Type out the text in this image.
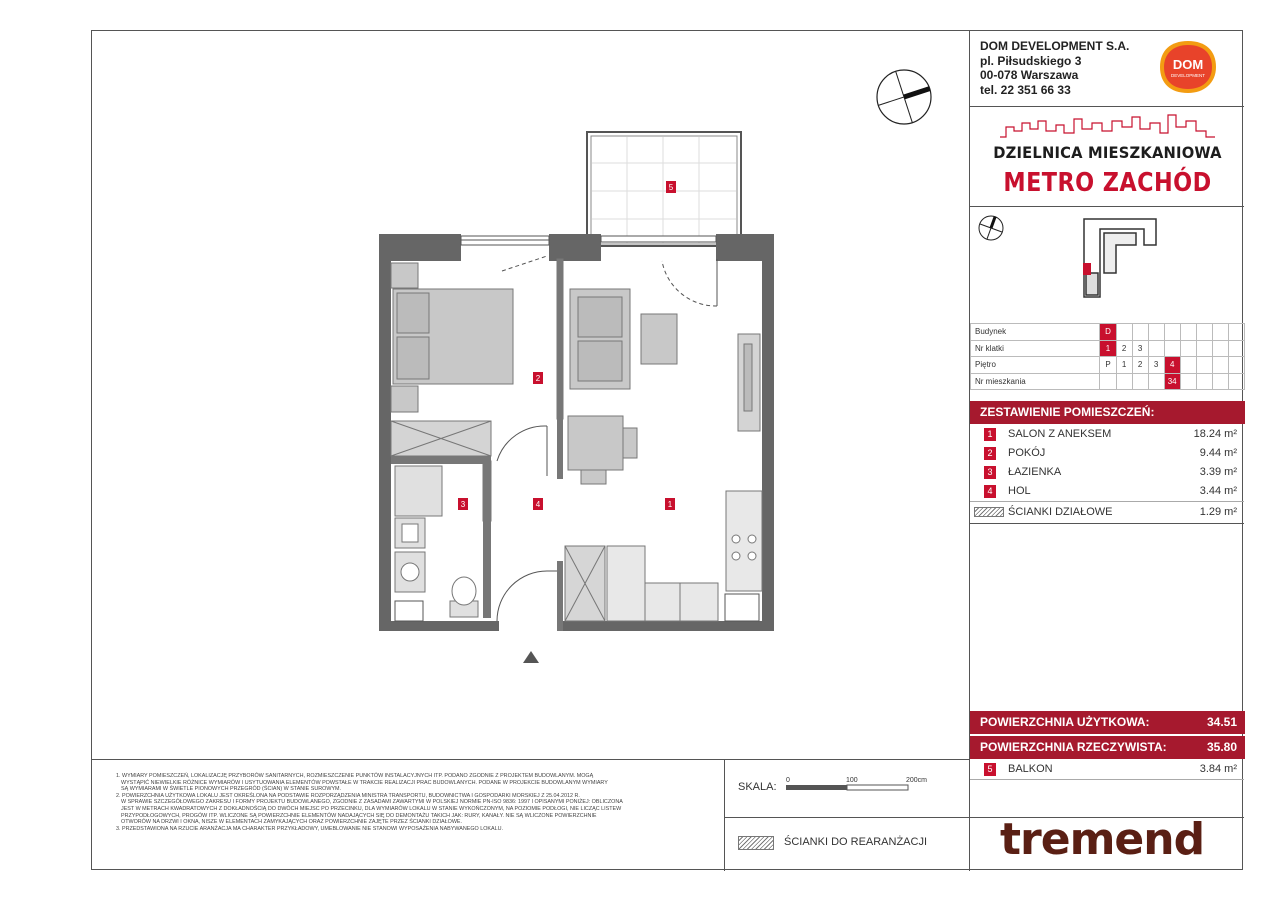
5
2
3	4	1
1. WYMIARY POMIESZCZEŃ, LOKALIZACJĘ PRZYBORÓW SANITARNYCH, ROZMIESZCZENIE PUNKTÓW INSTALACYJNYCH ITP. PODANO ZGODNIE Z PROJEKTEM BUDOWLANYM. MOGĄ
WYSTĄPIĆ NIEWIELKIE RÓŻNICE WYMIARÓW I USYTUOWANIA ELEMENTÓW POWSTAŁE W TRAKCIE REALIZACJI PRAC BUDOWLANYCH. PODANE W PROJEKCIE BUDOWLANYM WYMIARY
SĄ WYMIARAMI W ŚWIETLE PIONOWYCH PRZEGRÓD (ŚCIAN) W STANIE SUROWYM.
2. POWIERZCHNIA UŻYTKOWA LOKALU JEST OKREŚLONA NA PODSTAWIE ROZPORZĄDZENIA MINISTRA TRANSPORTU, BUDOWNICTWA I GOSPODARKI MORSKIEJ Z 25.04.2012 R.
W SPRAWIE SZCZEGÓŁOWEGO ZAKRESU I FORMY PROJEKTU BUDOWLANEGO, ZGODNIE Z ZASADAMI ZAWARTYMI W POLSKIEJ NORMIE PN-ISO 9836: 1997 I OPISANYMI PONIŻEJ: OBLICZONA
JEST W METRACH KWADRATOWYCH Z DOKŁADNOŚCIĄ DO DWÓCH MIEJSC PO PRZECINKU, DLA WYMIARÓW LOKALU W STANIE WYKOŃCZONYM, NA POZIOMIE PODŁOGI, NIE LICZĄC LISTEW
PRZYPODŁOGOWYCH, PROGÓW ITP. WLICZONE SĄ POWIERZCHNIE ELEMENTÓW NADAJĄCYCH SIĘ DO DEMONTAŻU TAKICH JAK: RURY, KANAŁY. NIE SĄ WLICZONE POWIERZCHNIE
OTWORÓW NA DRZWI I OKNA, NISZE W ELEMENTACH ZAMYKAJĄCYCH ORAZ POWIERZCHNIE ZAJĘTE PRZEZ ŚCIANKI DZIAŁOWE.
3. PRZEDSTAWIONA NA RZUCIE ARANŻACJA MA CHARAKTER PRZYKŁADOWY, UMEBLOWANIE NIE STANOWI WYPOSAŻENIA NABYWANEGO LOKALU.
SKALA:
0	100	200cm
ŚCIANKI DO REARANŻACJI
DOM DEVELOPMENT S.A.
pl. Piłsudskiego 3
00-078 Warszawa
tel. 22 351 66 33
DOM
DEVELOPMENT
DZIELNICA MIESZKANIOWA
METRO ZACHÓD
Budynek	D								
Nr klatki	1	2	3						
Piętro	P	1	2	3	4				
Nr mieszkania					34				
ZESTAWIENIE POMIESZCZEŃ:
1	SALON Z ANEKSEM	18.24 m²
2	POKÓJ	9.44 m²
3	ŁAZIENKA	3.39 m²
4	HOL	3.44 m²
ŚCIANKI DZIAŁOWE	1.29 m²
POWIERZCHNIA UŻYTKOWA:	34.51
POWIERZCHNIA RZECZYWISTA:	35.80
5	BALKON	3.84 m²
tremend
